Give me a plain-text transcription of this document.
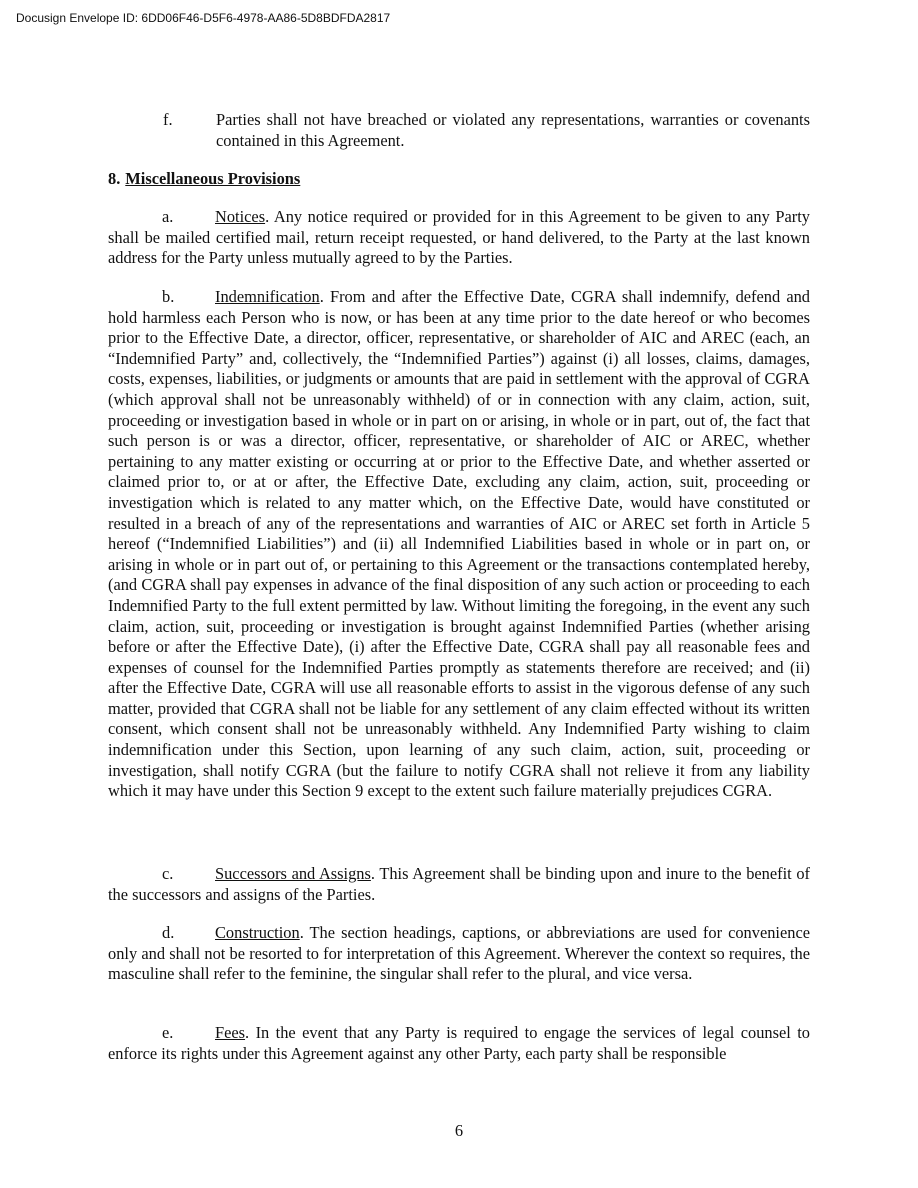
Docusign Envelope ID: 6DD06F46-D5F6-4978-AA86-5D8BDFDA2817
f.	Parties shall not have breached or violated any representations, warranties or covenants contained in this Agreement.
8. Miscellaneous Provisions
a.	Notices. Any notice required or provided for in this Agreement to be given to any Party shall be mailed certified mail, return receipt requested, or hand delivered, to the Party at the last known address for the Party unless mutually agreed to by the Parties.
b. Indemnification. From and after the Effective Date, CGRA shall indemnify, defend and hold harmless each Person who is now, or has been at any time prior to the date hereof or who becomes prior to the Effective Date, a director, officer, representative, or shareholder of AIC and AREC (each, an “Indemnified Party” and, collectively, the “Indemnified Parties”) against (i) all losses, claims, damages, costs, expenses, liabilities, or judgments or amounts that are paid in settlement with the approval of CGRA (which approval shall not be unreasonably withheld) of or in connection with any claim, action, suit, proceeding or investigation based in whole or in part on or arising, in whole or in part, out of, the fact that such person is or was a director, officer, representative, or shareholder of AIC or AREC, whether pertaining to any matter existing or occurring at or prior to the Effective Date, and whether asserted or claimed prior to, or at or after, the Effective Date, excluding any claim, action, suit, proceeding or investigation which is related to any matter which, on the Effective Date, would have constituted or resulted in a breach of any of the representations and warranties of AIC or AREC set forth in Article 5 hereof (“Indemnified Liabilities”) and (ii) all Indemnified Liabilities based in whole or in part on, or arising in whole or in part out of, or pertaining to this Agreement or the transactions contemplated hereby, (and CGRA shall pay expenses in advance of the final disposition of any such action or proceeding to each Indemnified Party to the full extent permitted by law. Without limiting the foregoing, in the event any such claim, action, suit, proceeding or investigation is brought against Indemnified Parties (whether arising before or after the Effective Date), (i) after the Effective Date, CGRA shall pay all reasonable fees and expenses of counsel for the Indemnified Parties promptly as statements therefore are received; and (ii) after the Effective Date, CGRA will use all reasonable efforts to assist in the vigorous defense of any such matter, provided that CGRA shall not be liable for any settlement of any claim effected without its written consent, which consent shall not be unreasonably withheld. Any Indemnified Party wishing to claim indemnification under this Section, upon learning of any such claim, action, suit, proceeding or investigation, shall notify CGRA (but the failure to notify CGRA shall not relieve it from any liability which it may have under this Section 9 except to the extent such failure materially prejudices CGRA.
c.	Successors and Assigns. This Agreement shall be binding upon and inure to the benefit of the successors and assigns of the Parties.
d. Construction. The section headings, captions, or abbreviations are used for convenience only and shall not be resorted to for interpretation of this Agreement. Wherever the context so requires, the masculine shall refer to the feminine, the singular shall refer to the plural, and vice versa.
e.	Fees. In the event that any Party is required to engage the services of legal counsel to enforce its rights under this Agreement against any other Party, each party shall be responsible
6
